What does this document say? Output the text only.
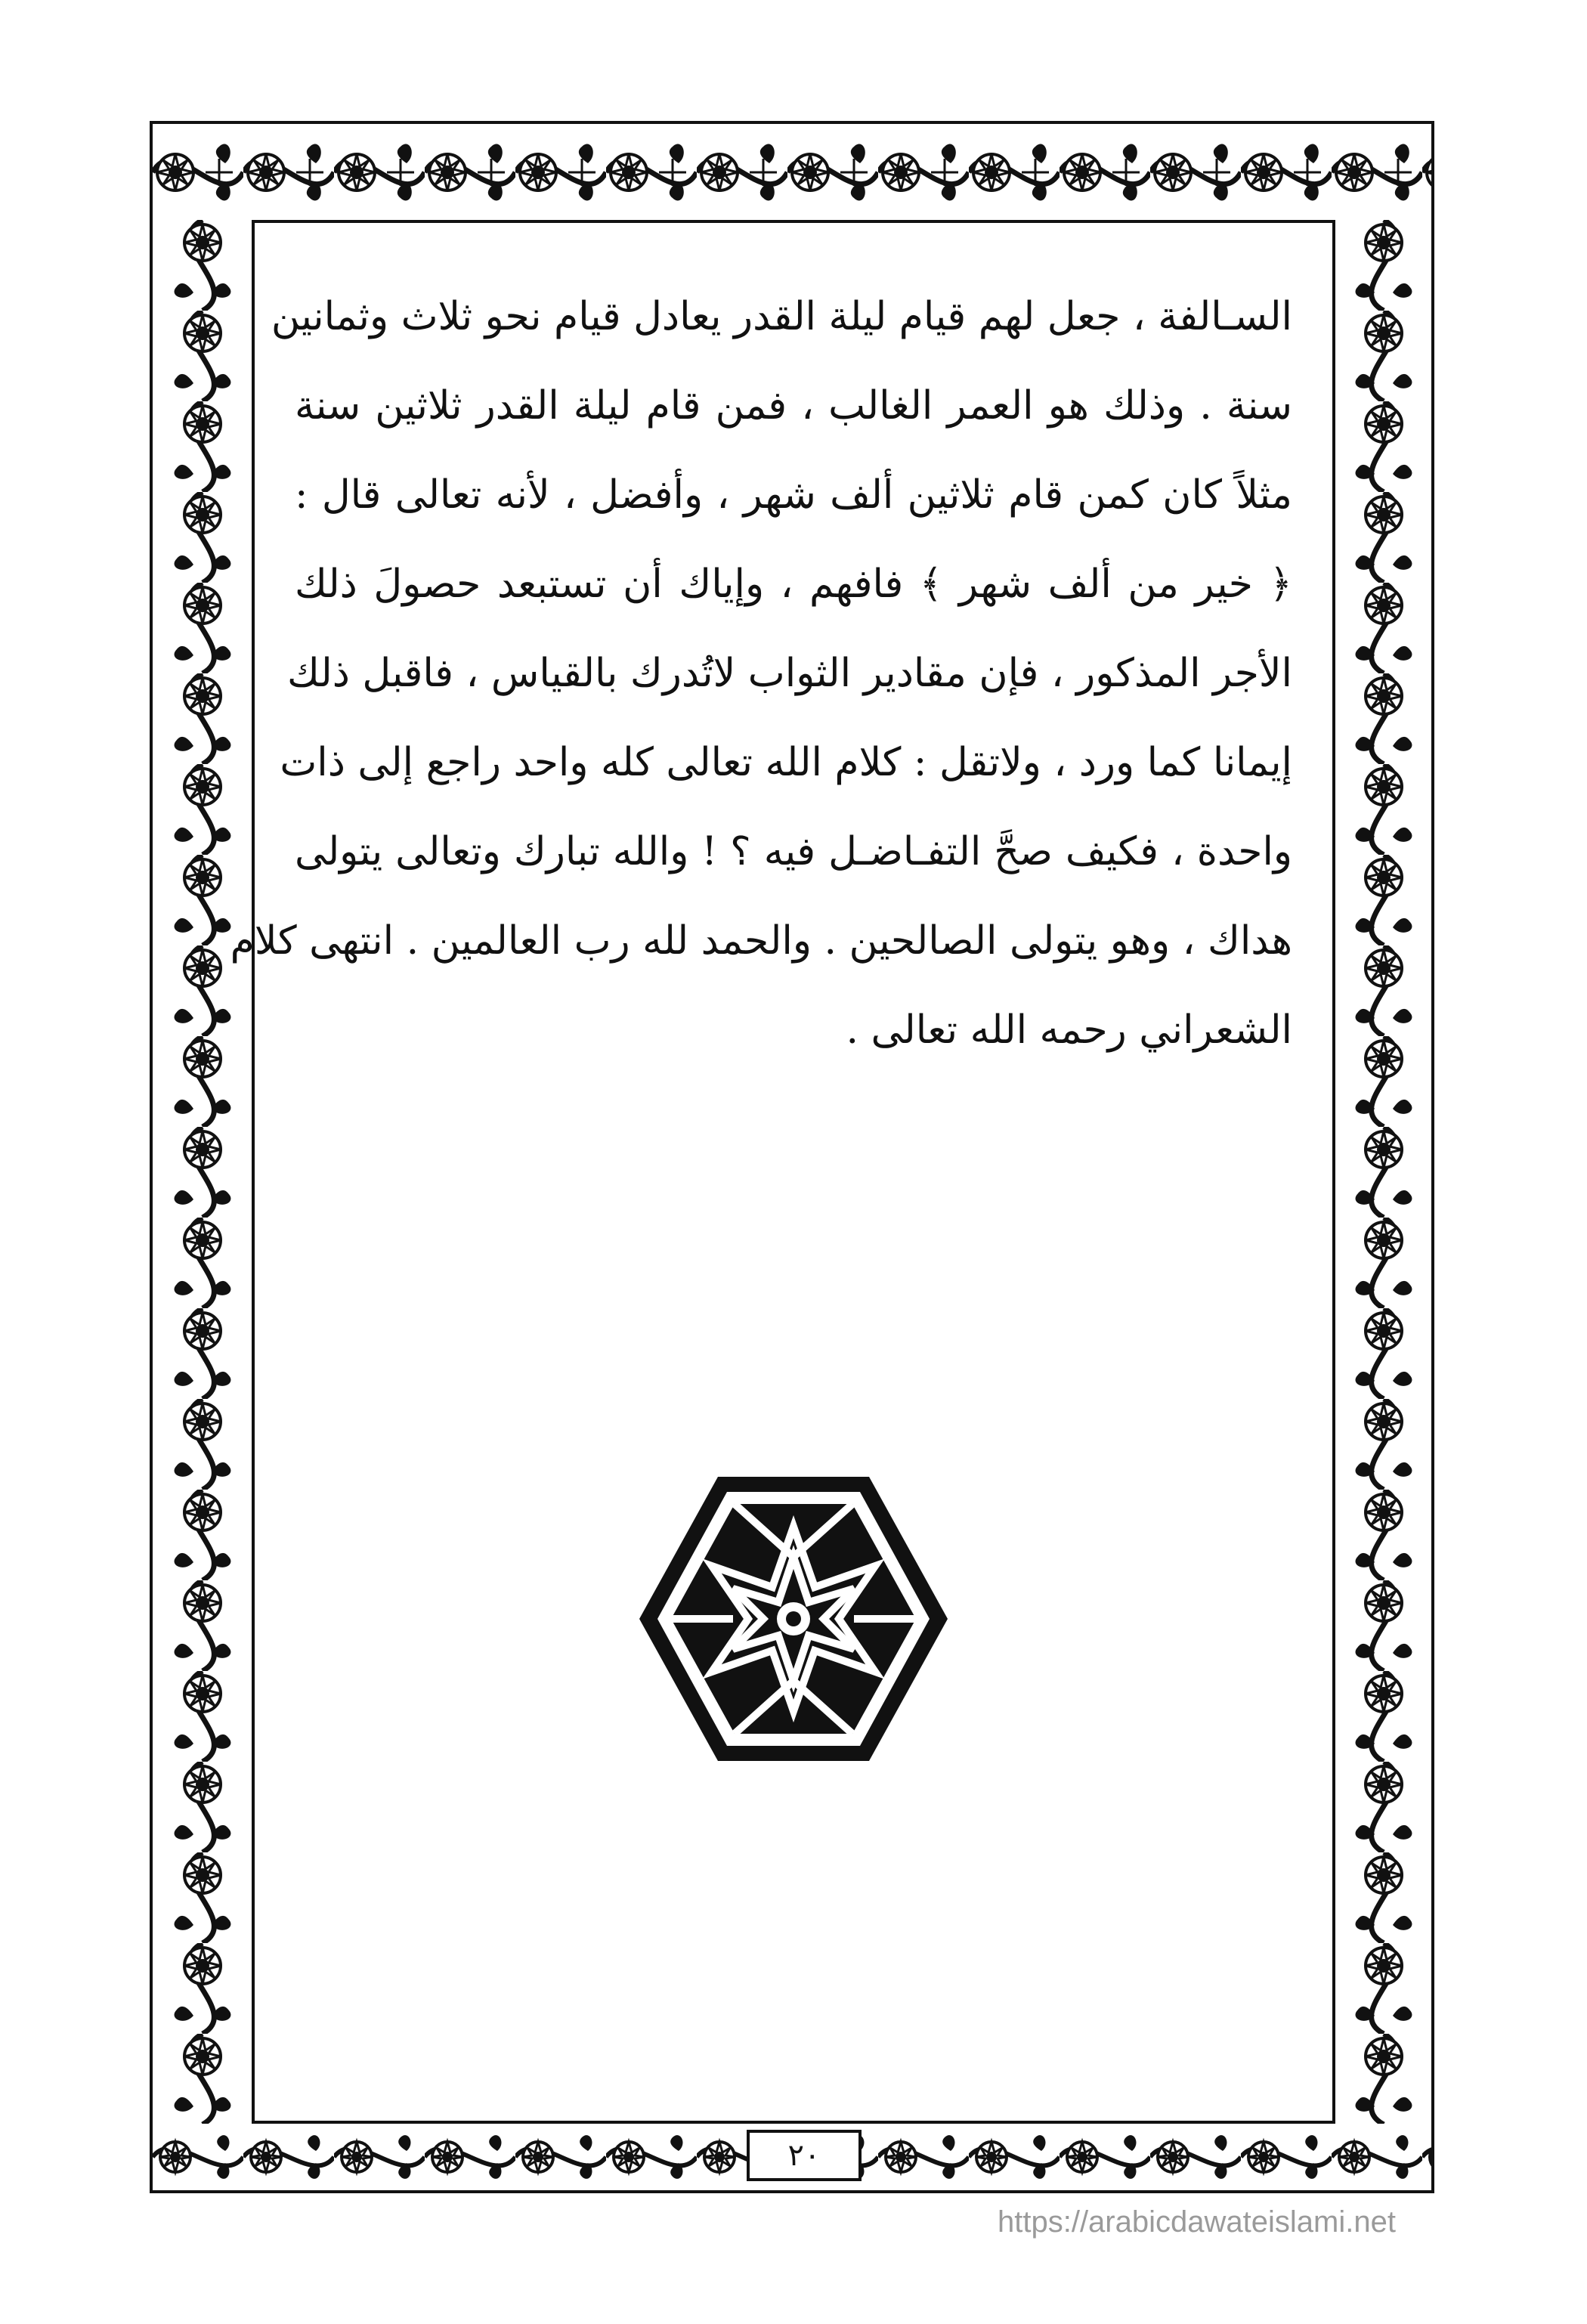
السـالفة ، جعل لهم قيام ليلة القدر يعادل قيام نحو ثلاث وثمانين
سنة . وذلك هو العمر الغالب ، فمن قام ليلة القدر ثلاثين سنة
مثلاً كان كمن قام ثلاثين ألف شهر ، وأفضل ، لأنه تعالى قال :
﴿ خير من ألف شهر ﴾ فافهم ، وإياك أن تستبعد حصولَ ذلك
الأجر المذكور ، فإن مقادير الثواب لاتُدرك بالقياس ، فاقبل ذلك
إيمانا كما ورد ، ولاتقل : كلام الله تعالى كله واحد راجع إلى ذات
واحدة ، فكيف صحَّ التفـاضـل فيه ؟ ! والله تبارك وتعالى يتولى
هداك ، وهو يتولى الصالحين . والحمد لله رب العالمين . انتهى كلام
الشعراني رحمه الله تعالى .
٢٠
https://arabicdawateislami.net
